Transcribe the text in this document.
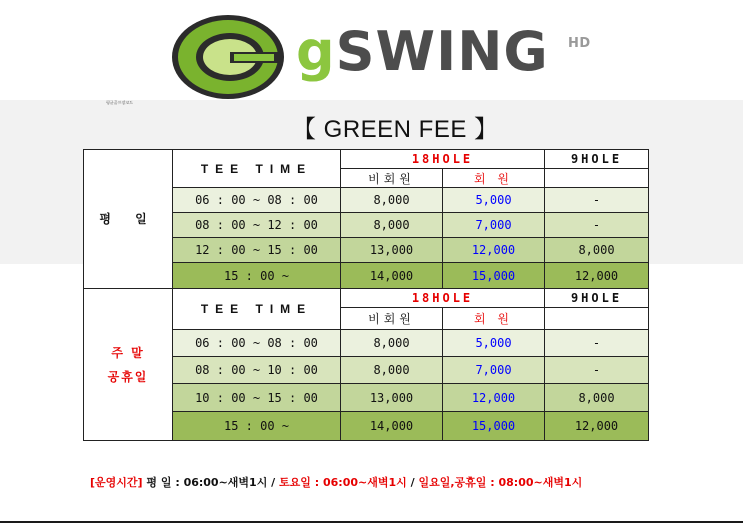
gSWING HD
평균골프장코드
【 GREEN FEE 】
평 일	TEE TIME	18HOLE		9HOLE
		비회원	회 원	
	06 : 00 ~ 08 : 00	8,000	5,000	-
	08 : 00 ~ 12 : 00	8,000	7,000	-
	12 : 00 ~ 15 : 00	13,000	12,000	8,000
	15 : 00 ~	14,000	15,000	12,000

주 말
공휴일	TEE TIME	18HOLE		9HOLE
		비회원	회 원	
	06 : 00 ~ 08 : 00	8,000	5,000	-
	08 : 00 ~ 10 : 00	8,000	7,000	-
	10 : 00 ~ 15 : 00	13,000	12,000	8,000
	15 : 00 ~	14,000	15,000	12,000
[운영시간] 평 일 : 06:00~새벽1시 / 토요일 : 06:00~새벽1시 / 일요일,공휴일 : 08:00~새벽1시
